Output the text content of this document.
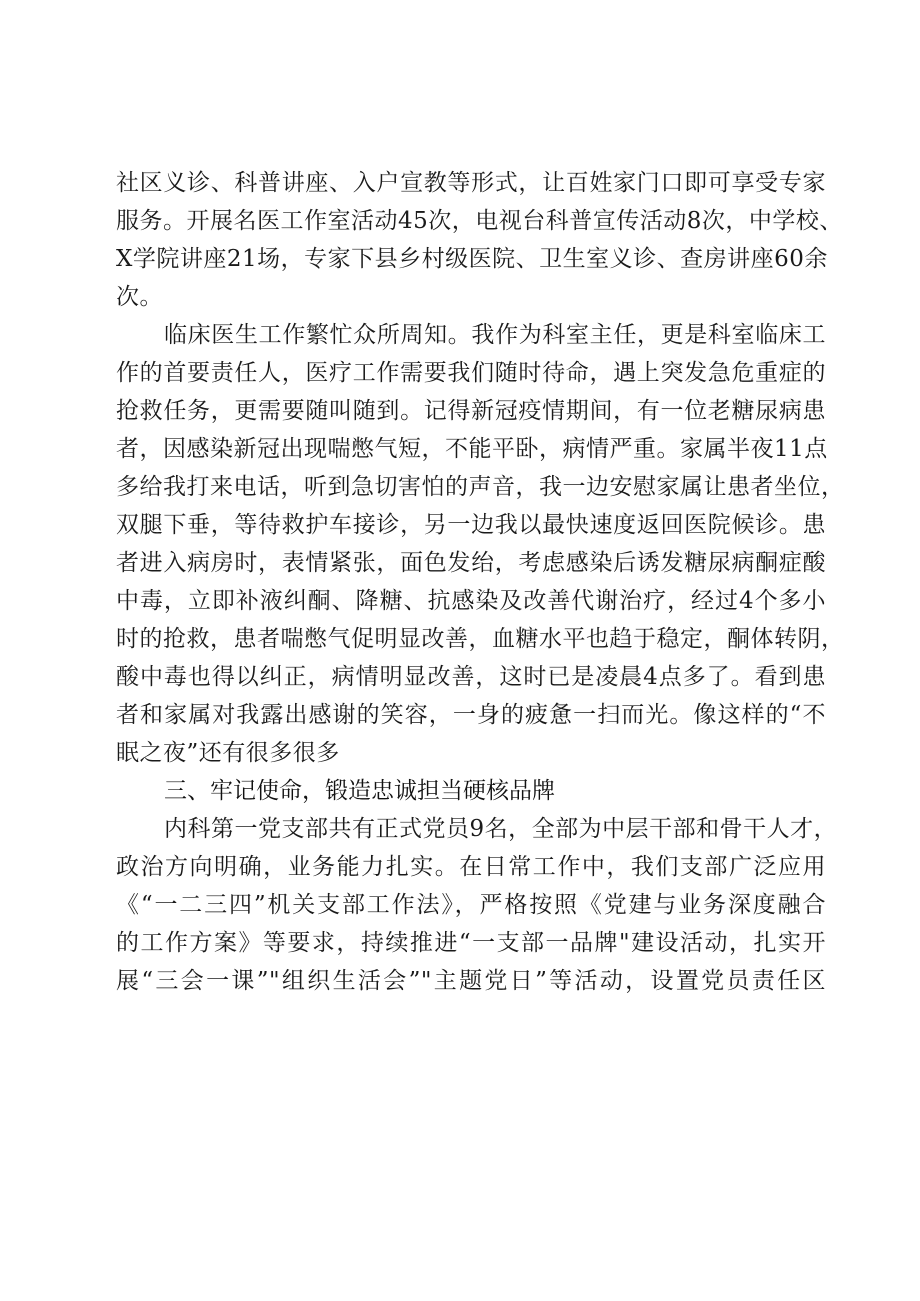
社区义诊、科普讲座、入户宣教等形式，让百姓家门口即可享受专家
服务。开展名医工作室活动45次，电视台科普宣传活动8次，中学校、
X学院讲座21场，专家下县乡村级医院、卫生室义诊、查房讲座60余
次。
临床医生工作繁忙众所周知。我作为科室主任，更是科室临床工
作的首要责任人，医疗工作需要我们随时待命，遇上突发急危重症的
抢救任务，更需要随叫随到。记得新冠疫情期间，有一位老糖尿病患
者，因感染新冠出现喘憋气短，不能平卧，病情严重。家属半夜11点
多给我打来电话，听到急切害怕的声音，我一边安慰家属让患者坐位，
双腿下垂，等待救护车接诊，另一边我以最快速度返回医院候诊。患
者进入病房时，表情紧张，面色发绐，考虑感染后诱发糖尿病酮症酸
中毒，立即补液纠酮、降糖、抗感染及改善代谢治疗，经过4个多小
时的抢救，患者喘憋气促明显改善，血糖水平也趋于稳定，酮体转阴，
酸中毒也得以纠正，病情明显改善，这时已是凌晨4点多了。看到患
者和家属对我露出感谢的笑容，一身的疲惫一扫而光。像这样的“不
眠之夜”还有很多很多
三、牢记使命，锻造忠诚担当硬核品牌
内科第一党支部共有正式党员9名，全部为中层干部和骨干人才，
政治方向明确，业务能力扎实。在日常工作中，我们支部广泛应用
《“一二三四”机关支部工作法》，严格按照《党建与业务深度融合
的工作方案》等要求，持续推进“一支部一品牌"建设活动，扎实开
展“三会一课”"组织生活会”"主题党日”等活动，设置党员责任区
